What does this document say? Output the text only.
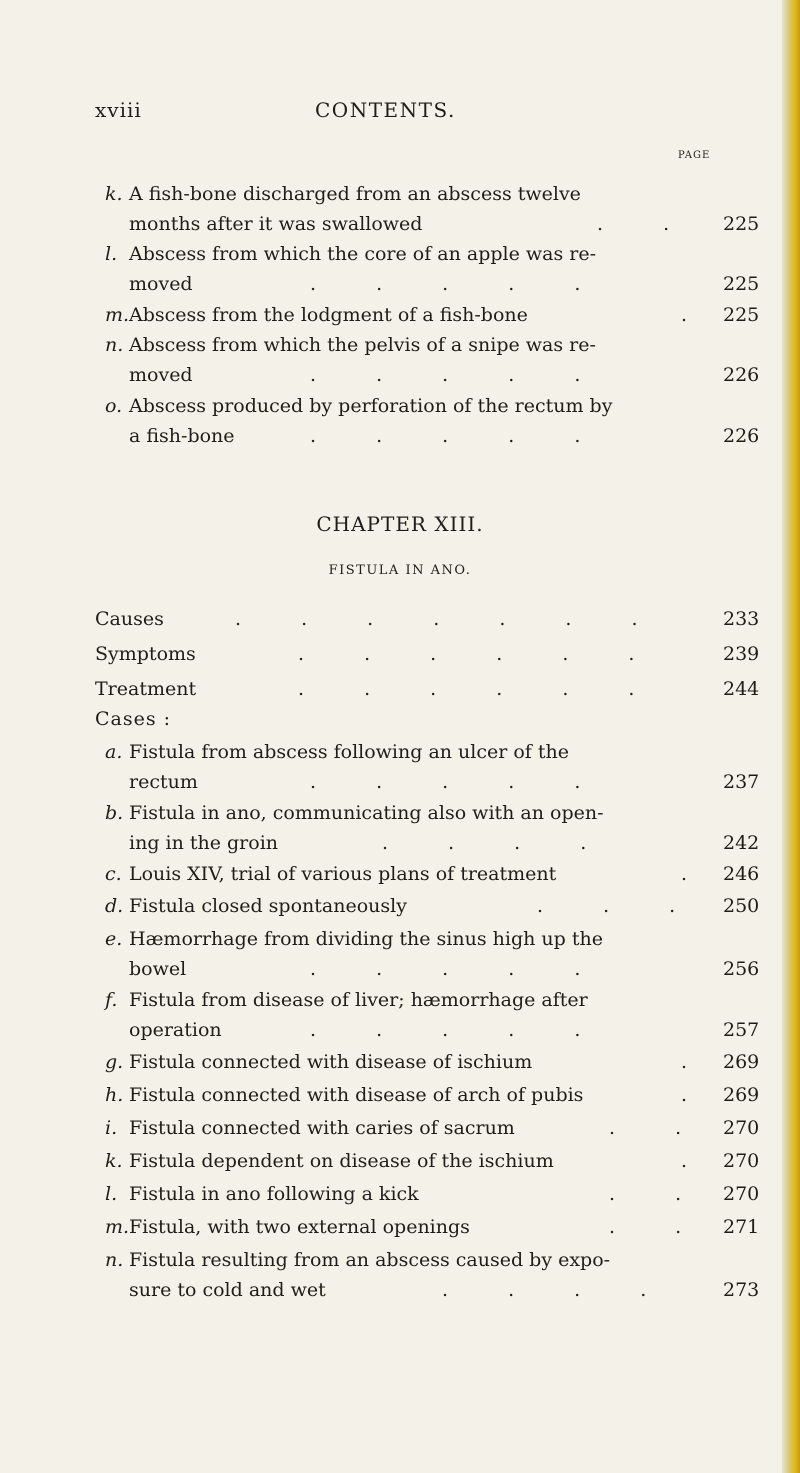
xviii	CONTENTS.
PAGE
k. A fish-bone discharged from an abscess twelve
months after it was swallowed	. . 225
l. Abscess from which the core of an apple was re-
moved	. . . . .	225
m. Abscess from the lodgment of a fish-bone	. 225
n. Abscess from which the pelvis of a snipe was re-
moved	. . . . .	226
o. Abscess produced by perforation of the rectum by
a fish-bone	. . . . .	226
CHAPTER XIII.
FISTULA IN ANO.
Causes	. . . . . . .	233
Symptoms	. . . . . .	239
Treatment	. . . . . .	244
Cases :
a. Fistula from abscess following an ulcer of the
rectum	. . . . .	237
b. Fistula in ano, communicating also with an open-
ing in the groin	. . . .	242
c. Louis XIV, trial of various plans of treatment	. 246
d. Fistula closed spontaneously	. . . 250
e. Hæmorrhage from dividing the sinus high up the
bowel	. . . . .	256
f. Fistula from disease of liver; hæmorrhage after
operation	. . . . .	257
g. Fistula connected with disease of ischium	. 269
h. Fistula connected with disease of arch of pubis	. 269
i. Fistula connected with caries of sacrum	. . 270
k. Fistula dependent on disease of the ischium	. 270
l. Fistula in ano following a kick	. . 270
m. Fistula, with two external openings	. . 271
n. Fistula resulting from an abscess caused by expo-
sure to cold and wet	. . . .	273
